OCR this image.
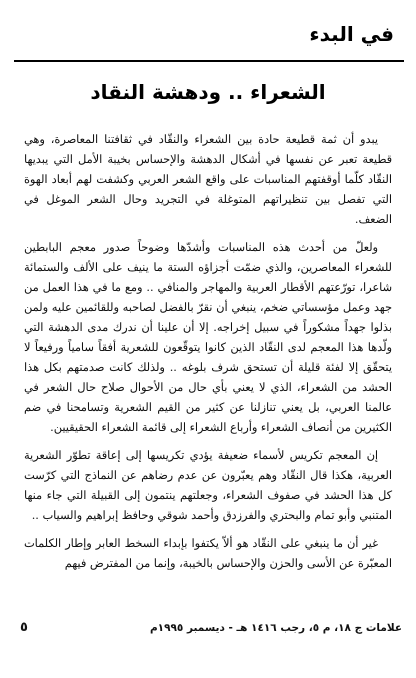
في البدء
الشعراء .. ودهشة النقاد

يبدو أن ثمة قطيعة حادة بين الشعراء والنقّاد في ثقافتنا المعاصرة، وهي قطيعة تعبر عن نفسها في أشكال الدهشة والإحساس بخيبة الأمل التي يبديها النقّاد كلّما أوقفتهم المناسبات على واقع الشعر العربي وكشفت لهم أبعاد الهوة التي تفصل بين تنظيراتهم المتوغلة في التجريد وحال الشعر الموغل في الضعف.

ولعلّ من أحدث هذه المناسبات وأشدّها وضوحاً صدور معجم البابطين للشعراء المعاصرين، والذي ضمّت أجزاؤه الستة ما ينيف على الألف والستمائة شاعرا، تورّعتهم الأقطار العربية والمهاجر والمنافي .. ومع ما في هذا العمل من جهد وعمل مؤسساتي ضخم، ينبغي أن نقرّ بالفضل لصاحبه وللقائمين عليه ولمن بذلوا جهداً مشكوراً في سبيل إخراجه. إلا أن علينا أن ندرك مدى الدهشة التي ولّدها هذا المعجم لدى النقّاد الذين كانوا يتوقّعون للشعرية أفقاً سامياً ورفيعاً لا يتحقّق إلا لفئة قليلة أن تستحق شرف بلوغه .. ولذلك كانت صدمتهم بكل هذا الحشد من الشعراء، الذي لا يعني بأي حال من الأحوال صلاح حال الشعر في عالمنا العربي، بل يعني تنازلنا عن كثير من القيم الشعرية وتسامحنا في ضم الكثيرين من أنصاف الشعراء وأرباع الشعراء إلى قائمة الشعراء الحقيقيين.

إن المعجم تكريس لأسماء ضعيفة يؤدي تكريسها إلى إعاقة تطوّر الشعرية العربية، هكذا قال النقّاد وهم يعبّرون عن عدم رضاهم عن النماذج التي كرّست كل هذا الحشد في صفوف الشعراء، وجعلتهم ينتمون إلى القبيلة التي جاء منها المتنبي وأبو تمام والبحتري والفرزدق وأحمد شوقي وحافظ إبراهيم والسياب ..

غير أن ما ينبغي على النقّاد هو ألاّ يكتفوا بإبداء السخط العابر وإطار الكلمات المعبّرة عن الأسى والحزن والإحساس بالخيبة، وإنما من المفترض فيهم

علامات ج ١٨، م ٥، رجب ١٤١٦ هـ - ديسمبر ١٩٩٥م
٥
